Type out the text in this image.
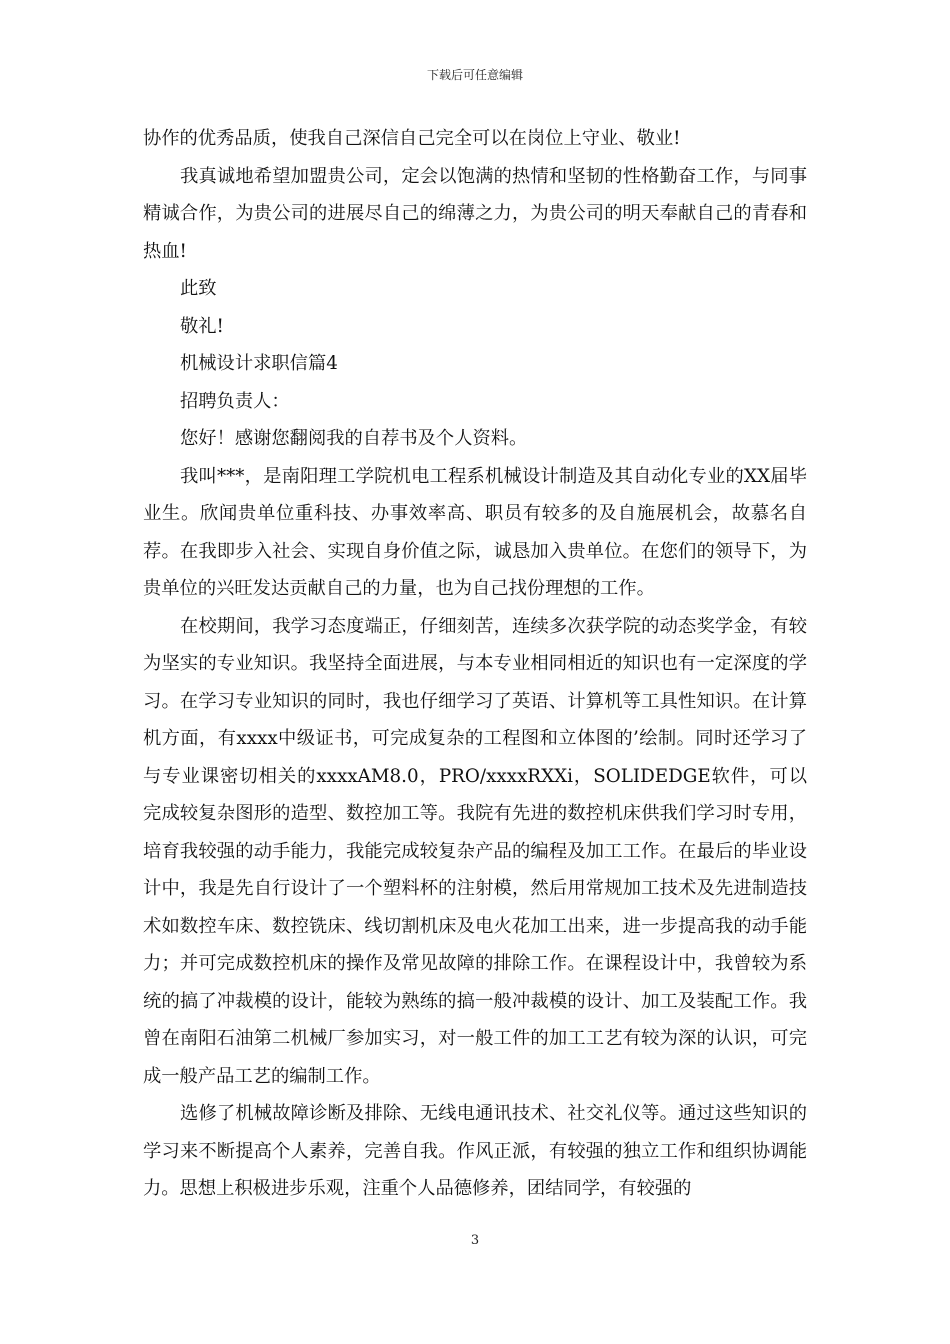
下载后可任意编辑

协作的优秀品质，使我自己深信自己完全可以在岗位上守业、敬业!

我真诚地希望加盟贵公司，定会以饱满的热情和坚韧的性格勤奋工作，与同事精诚合作，为贵公司的进展尽自己的绵薄之力，为贵公司的明天奉献自己的青春和热血!

此致

敬礼!

机械设计求职信篇4

招聘负责人：

您好！感谢您翻阅我的自荐书及个人资料。

我叫***，是南阳理工学院机电工程系机械设计制造及其自动化专业的XX届毕业生。欣闻贵单位重科技、办事效率高、职员有较多的及自施展机会，故慕名自荐。在我即步入社会、实现自身价值之际，诚恳加入贵单位。在您们的领导下，为贵单位的兴旺发达贡献自己的力量，也为自己找份理想的工作。

在校期间，我学习态度端正，仔细刻苦，连续多次获学院的动态奖学金，有较为坚实的专业知识。我坚持全面进展，与本专业相同相近的知识也有一定深度的学习。在学习专业知识的同时，我也仔细学习了英语、计算机等工具性知识。在计算机方面，有xxxx中级证书，可完成复杂的工程图和立体图的’绘制。同时还学习了与专业课密切相关的xxxxAM8.0，PRO/xxxxRXXi，SOLIDEDGE软件，可以完成较复杂图形的造型、数控加工等。我院有先进的数控机床供我们学习时专用，培育我较强的动手能力，我能完成较复杂产品的编程及加工工作。在最后的毕业设计中，我是先自行设计了一个塑料杯的注射模，然后用常规加工技术及先进制造技术如数控车床、数控铣床、线切割机床及电火花加工出来，进一步提高我的动手能力；并可完成数控机床的操作及常见故障的排除工作。在课程设计中，我曾较为系统的搞了冲裁模的设计，能较为熟练的搞一般冲裁模的设计、加工及装配工作。我曾在南阳石油第二机械厂参加实习，对一般工件的加工工艺有较为深的认识，可完成一般产品工艺的编制工作。

选修了机械故障诊断及排除、无线电通讯技术、社交礼仪等。通过这些知识的学习来不断提高个人素养，完善自我。作风正派，有较强的独立工作和组织协调能力。思想上积极进步乐观，注重个人品德修养，团结同学，有较强的

3
